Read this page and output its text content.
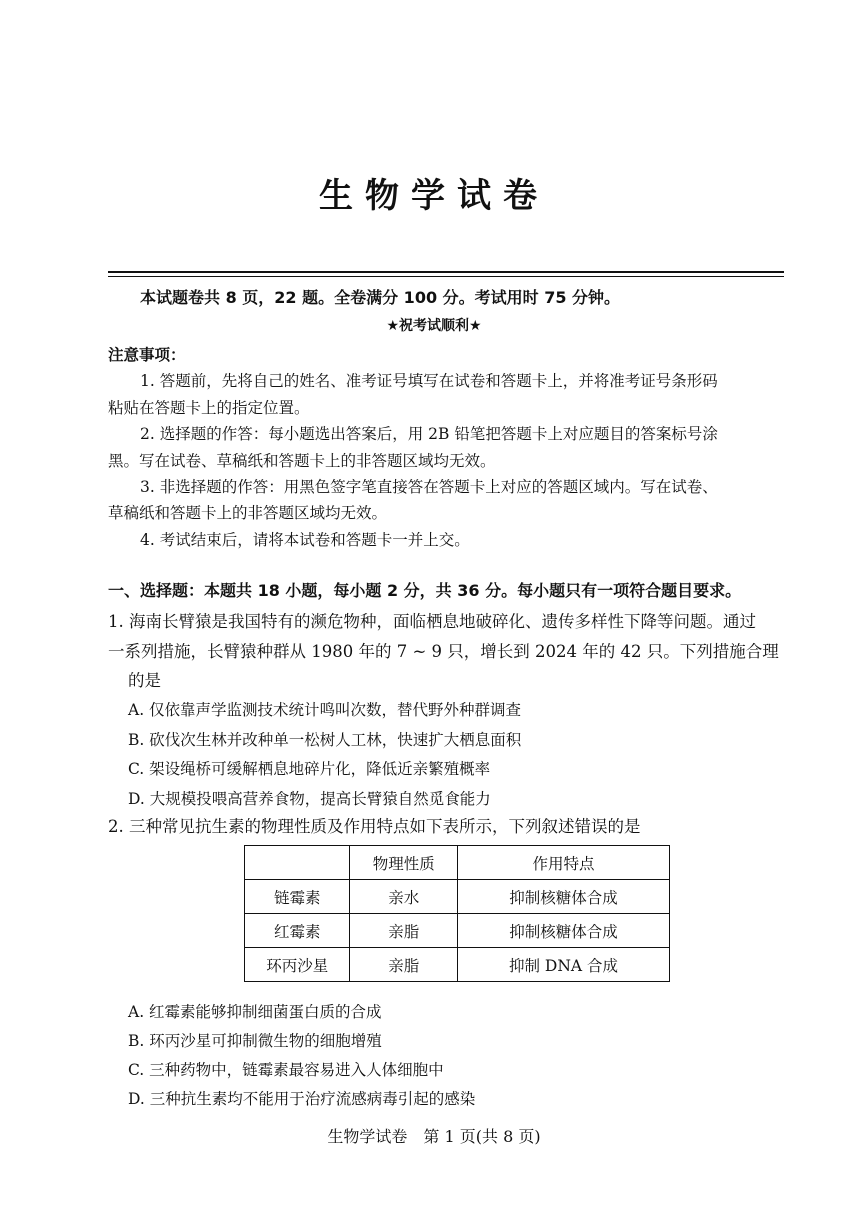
生物学试卷
本试题卷共 8 页，22 题。全卷满分 100 分。考试用时 75 分钟。
★祝考试顺利★
注意事项：
1. 答题前，先将自己的姓名、准考证号填写在试卷和答题卡上，并将准考证号条形码
粘贴在答题卡上的指定位置。
2. 选择题的作答：每小题选出答案后，用 2B 铅笔把答题卡上对应题目的答案标号涂
黑。写在试卷、草稿纸和答题卡上的非答题区域均无效。
3. 非选择题的作答：用黑色签字笔直接答在答题卡上对应的答题区域内。写在试卷、
草稿纸和答题卡上的非答题区域均无效。
4. 考试结束后，请将本试卷和答题卡一并上交。
一、选择题：本题共 18 小题，每小题 2 分，共 36 分。每小题只有一项符合题目要求。
1. 海南长臂猿是我国特有的濒危物种，面临栖息地破碎化、遗传多样性下降等问题。通过
一系列措施，长臂猿种群从 1980 年的 7 ~ 9 只，增长到 2024 年的 42 只。下列措施合理
的是
A. 仅依靠声学监测技术统计鸣叫次数，替代野外种群调查
B. 砍伐次生林并改种单一松树人工林，快速扩大栖息面积
C. 架设绳桥可缓解栖息地碎片化，降低近亲繁殖概率
D. 大规模投喂高营养食物，提高长臂猿自然觅食能力
2. 三种常见抗生素的物理性质及作用特点如下表所示，下列叙述错误的是
	物理性质	作用特点
链霉素	亲水	抑制核糖体合成
红霉素	亲脂	抑制核糖体合成
环丙沙星	亲脂	抑制 DNA 合成
A. 红霉素能够抑制细菌蛋白质的合成
B. 环丙沙星可抑制微生物的细胞增殖
C. 三种药物中，链霉素最容易进入人体细胞中
D. 三种抗生素均不能用于治疗流感病毒引起的感染
生物学试卷　第 1 页(共 8 页)
